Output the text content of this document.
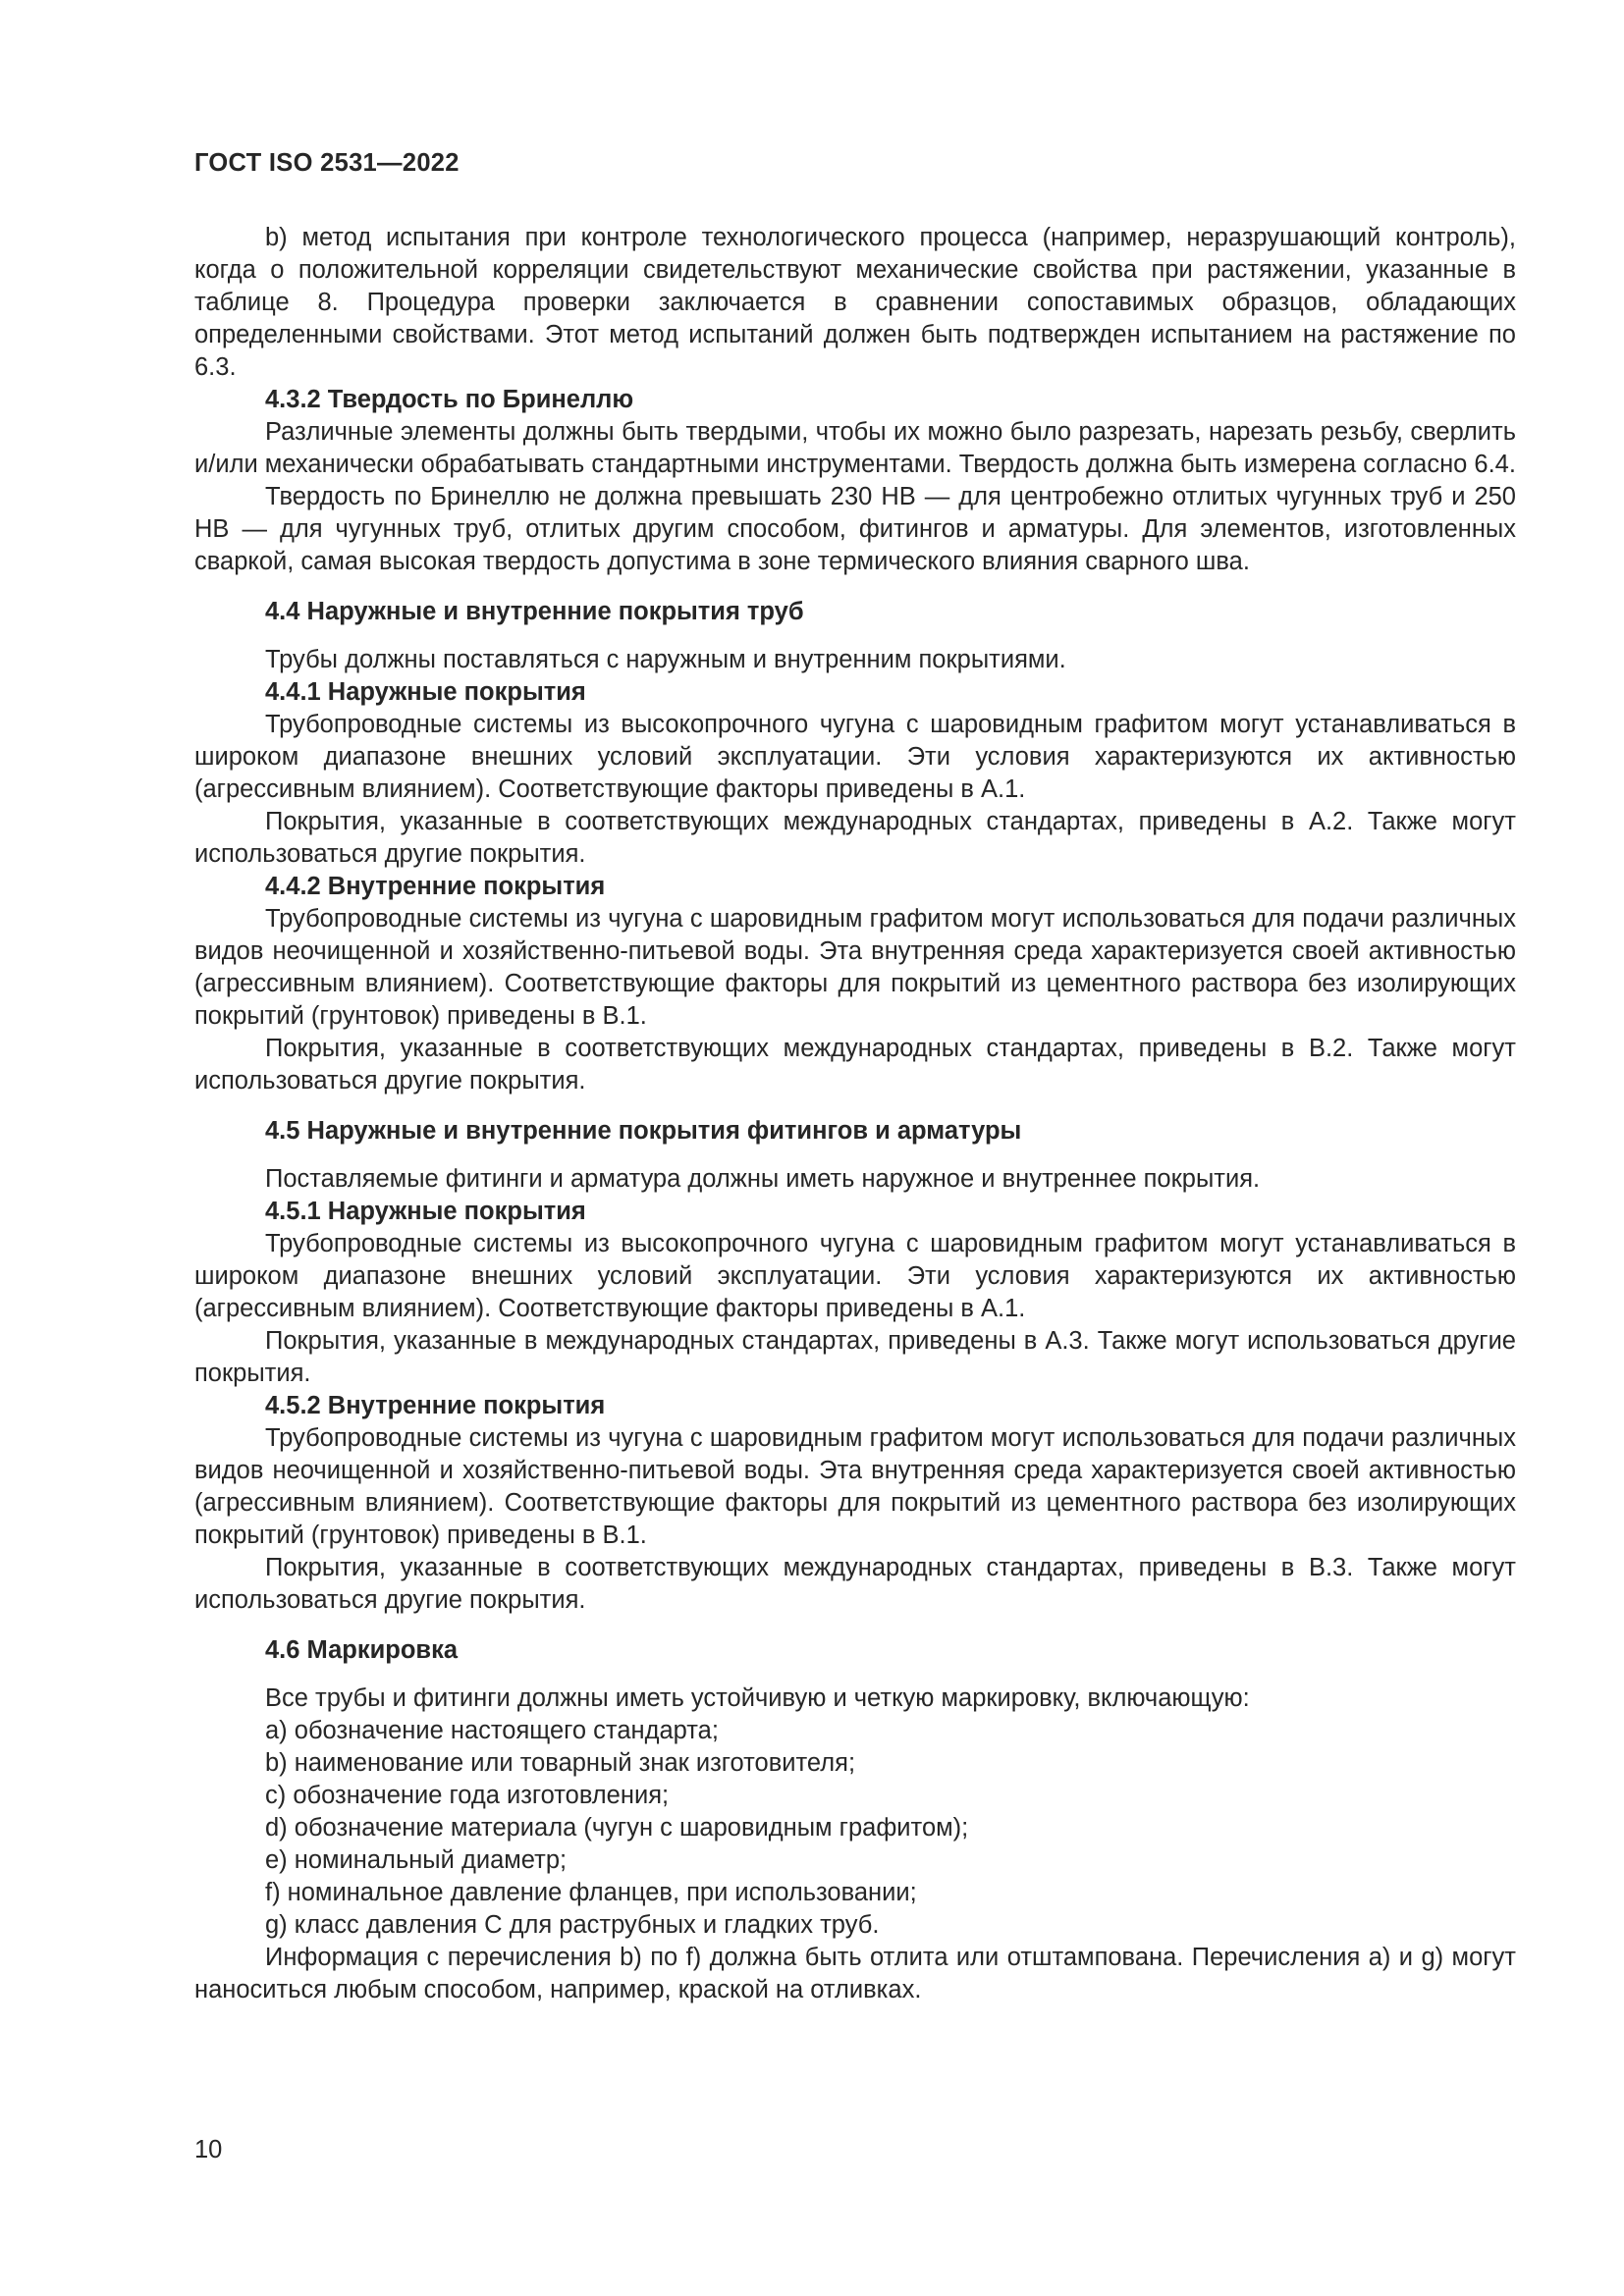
ГОСТ ISO 2531—2022

b) метод испытания при контроле технологического процесса (например, неразрушающий контроль), когда о положительной корреляции свидетельствуют механические свойства при растяжении, указанные в таблице 8. Процедура проверки заключается в сравнении сопоставимых образцов, обладающих определенными свойствами. Этот метод испытаний должен быть подтвержден испытанием на растяжение по 6.3.

4.3.2 Твердость по Бринеллю

Различные элементы должны быть твердыми, чтобы их можно было разрезать, нарезать резьбу, сверлить и/или механически обрабатывать стандартными инструментами. Твердость должна быть измерена согласно 6.4.

Твердость по Бринеллю не должна превышать 230 НВ — для центробежно отлитых чугунных труб и 250 НВ — для чугунных труб, отлитых другим способом, фитингов и арматуры. Для элементов, изготовленных сваркой, самая высокая твердость допустима в зоне термического влияния сварного шва.

4.4 Наружные и внутренние покрытия труб

Трубы должны поставляться с наружным и внутренним покрытиями.

4.4.1 Наружные покрытия

Трубопроводные системы из высокопрочного чугуна с шаровидным графитом могут устанавливаться в широком диапазоне внешних условий эксплуатации. Эти условия характеризуются их активностью (агрессивным влиянием). Соответствующие факторы приведены в А.1.

Покрытия, указанные в соответствующих международных стандартах, приведены в А.2. Также могут использоваться другие покрытия.

4.4.2 Внутренние покрытия

Трубопроводные системы из чугуна с шаровидным графитом могут использоваться для подачи различных видов неочищенной и хозяйственно-питьевой воды. Эта внутренняя среда характеризуется своей активностью (агрессивным влиянием). Соответствующие факторы для покрытий из цементного раствора без изолирующих покрытий (грунтовок) приведены в В.1.

Покрытия, указанные в соответствующих международных стандартах, приведены в В.2. Также могут использоваться другие покрытия.

4.5 Наружные и внутренние покрытия фитингов и арматуры

Поставляемые фитинги и арматура должны иметь наружное и внутреннее покрытия.

4.5.1 Наружные покрытия

Трубопроводные системы из высокопрочного чугуна с шаровидным графитом могут устанавливаться в широком диапазоне внешних условий эксплуатации. Эти условия характеризуются их активностью (агрессивным влиянием). Соответствующие факторы приведены в А.1.

Покрытия, указанные в международных стандартах, приведены в А.3. Также могут использоваться другие покрытия.

4.5.2 Внутренние покрытия

Трубопроводные системы из чугуна с шаровидным графитом могут использоваться для подачи различных видов неочищенной и хозяйственно-питьевой воды. Эта внутренняя среда характеризуется своей активностью (агрессивным влиянием). Соответствующие факторы для покрытий из цементного раствора без изолирующих покрытий (грунтовок) приведены в В.1.

Покрытия, указанные в соответствующих международных стандартах, приведены в В.3. Также могут использоваться другие покрытия.

4.6 Маркировка

Все трубы и фитинги должны иметь устойчивую и четкую маркировку, включающую:

а) обозначение настоящего стандарта;

b) наименование или товарный знак изготовителя;

с) обозначение года изготовления;

d) обозначение материала (чугун с шаровидным графитом);

е) номинальный диаметр;

f) номинальное давление фланцев, при использовании;

g) класс давления С для раструбных и гладких труб.

Информация с перечисления b) по f) должна быть отлита или отштампована. Перечисления а) и g) могут наноситься любым способом, например, краской на отливках.

10
